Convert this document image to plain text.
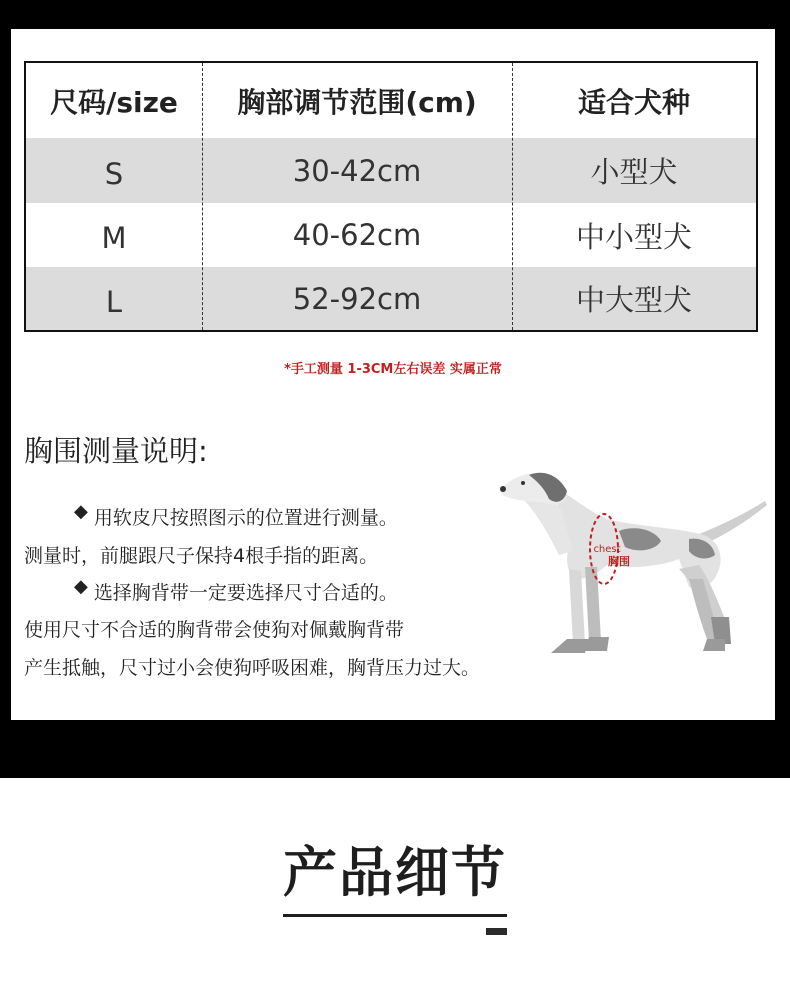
尺码/size	胸部调节范围(cm)	适合犬种
S	30-42cm	小型犬
M	40-62cm	中小型犬
L	52-92cm	中大型犬
*手工测量 1-3CM左右误差 实属正常
胸围测量说明:
◆ 用软皮尺按照图示的位置进行测量。
测量时，前腿跟尺子保持4根手指的距离。
◆ 选择胸背带一定要选择尺寸合适的。
使用尺寸不合适的胸背带会使狗对佩戴胸背带
产生抵触，尺寸过小会使狗呼吸困难，胸背压力过大。
chest
胸围
产品细节
